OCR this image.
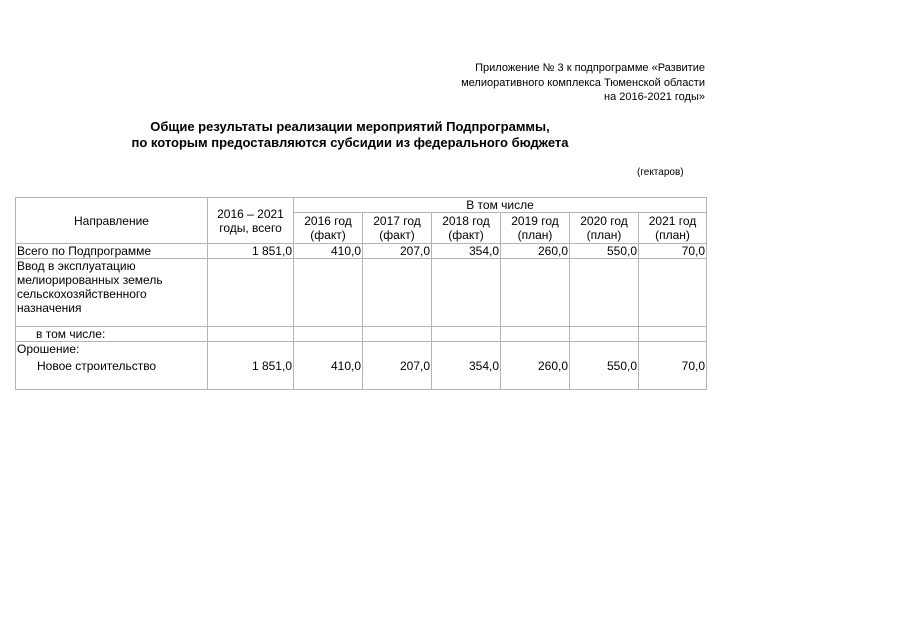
Приложение № 3 к подпрограмме «Развитие
мелиоративного комплекса Тюменской области
на 2016-2021 годы»
Общие результаты реализации мероприятий Подпрограммы,
по которым предоставляются субсидии из федерального бюджета
(гектаров)
Направление	2016 – 2021 годы, всего	В том числе					
		2016 год (факт)	2017 год (факт)	2018 год (факт)	2019 год (план)	2020 год (план)	2021 год (план)
Всего по Подпрограмме	1 851,0	410,0	207,0	354,0	260,0	550,0	70,0
Ввод в эксплуатацию мелиорированных земель сельскохозяйственного назначения							
в том числе:							

Орошение:
Новое строительство	1 851,0	410,0	207,0	354,0	260,0	550,0	70,0
